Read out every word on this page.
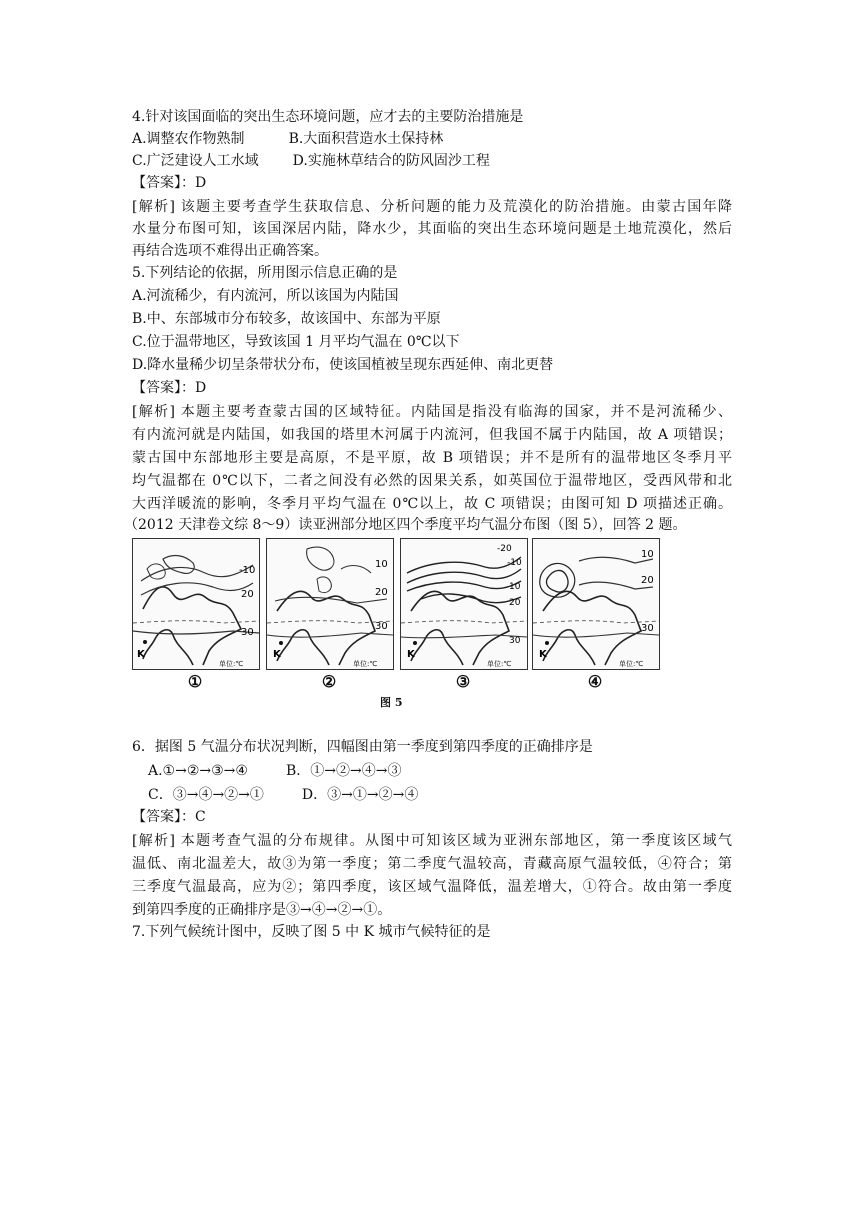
4.针对该国面临的突出生态环境问题，应才去的主要防治措施是
A.调整农作物熟制	B.大面积营造水土保持林
C.广泛建设人工水域 D.实施林草结合的防风固沙工程
【答案】：D
[解析] 该题主要考查学生获取信息、分析问题的能力及荒漠化的防治措施。由蒙古国年降
水量分布图可知，该国深居内陆，降水少，其面临的突出生态环境问题是土地荒漠化，然后
再结合选项不难得出正确答案。
5.下列结论的依据，所用图示信息正确的是
A.河流稀少，有内流河，所以该国为内陆国
B.中、东部城市分布较多，故该国中、东部为平原
C.位于温带地区，导致该国 1 月平均气温在 0℃以下
D.降水量稀少切呈条带状分布，使该国植被呈现东西延伸、南北更替
【答案】：D
[解析] 本题主要考查蒙古国的区域特征。内陆国是指没有临海的国家，并不是河流稀少、
有内流河就是内陆国，如我国的塔里木河属于内流河，但我国不属于内陆国，故 A 项错误；
蒙古国中东部地形主要是高原，不是平原，故 B 项错误；并不是所有的温带地区冬季月平
均气温都在 0℃以下，二者之间没有必然的因果关系，如英国位于温带地区，受西风带和北
大西洋暖流的影响，冬季月平均气温在 0℃以上，故 C 项错误；由图可知 D 项描述正确。
（2012 天津卷文综 8～9）读亚洲部分地区四个季度平均气温分布图（图 5），回答 2 题。
K
-10
20
30
单位:℃
①
K
10
20
30
单位:℃
②
K
-20
-10
10
20
30
单位:℃
③
K
10
20
30
单位:℃
④
图 5
6．据图 5 气温分布状况判断，四幅图由第一季度到第四季度的正确排序是
A.①→②→③→④	B．①→②→④→③
C．③→④→②→①	D．③→①→②→④
【答案】：C
[解析] 本题考查气温的分布规律。从图中可知该区域为亚洲东部地区，第一季度该区域气
温低、南北温差大，故③为第一季度；第二季度气温较高，青藏高原气温较低，④符合；第
三季度气温最高，应为②；第四季度，该区域气温降低，温差增大，①符合。故由第一季度
到第四季度的正确排序是③→④→②→①。
7.下列气候统计图中，反映了图 5 中 K 城市气候特征的是
